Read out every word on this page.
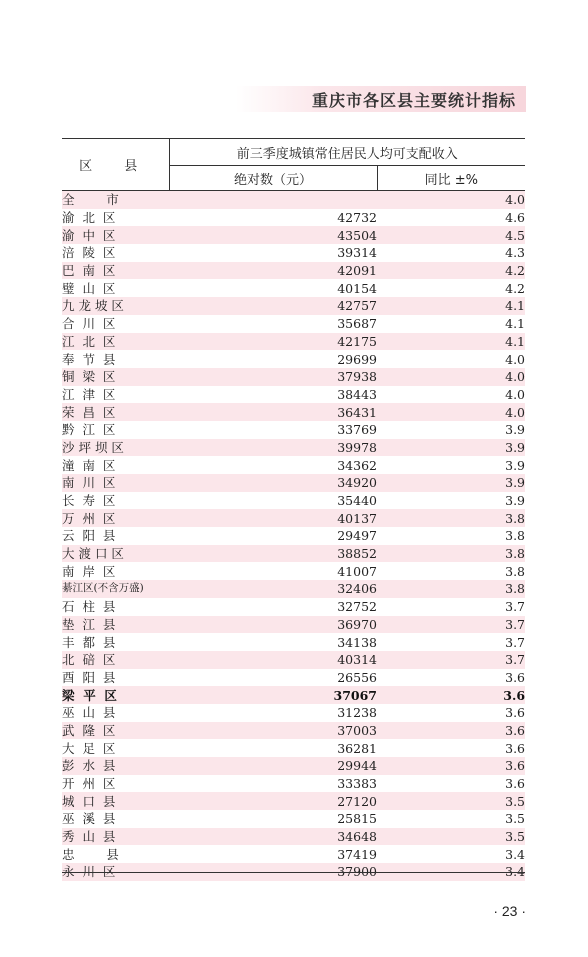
重庆市各区县主要统计指标
区 县	前三季度城镇常住居民人均可支配收入	
	绝对数（元）	同比 ±%
全        市		4.0
渝  北  区	42732	4.6
渝  中  区	43504	4.5
涪  陵  区	39314	4.3
巴  南  区	42091	4.2
璧  山  区	40154	4.2
九 龙 坡 区	42757	4.1
合  川  区	35687	4.1
江  北  区	42175	4.1
奉  节  县	29699	4.0
铜  梁  区	37938	4.0
江  津  区	38443	4.0
荣  昌  区	36431	4.0
黔  江  区	33769	3.9
沙 坪 坝 区	39978	3.9
潼  南  区	34362	3.9
南  川  区	34920	3.9
长  寿  区	35440	3.9
万  州  区	40137	3.8
云  阳  县	29497	3.8
大 渡 口 区	38852	3.8
南  岸  区	41007	3.8
綦江区(不含万盛)	32406	3.8
石  柱  县	32752	3.7
垫  江  县	36970	3.7
丰  都  县	34138	3.7
北  碚  区	40314	3.7
酉  阳  县	26556	3.6
梁  平  区	37067	3.6
巫  山  县	31238	3.6
武  隆  区	37003	3.6
大  足  区	36281	3.6
彭  水  县	29944	3.6
开  州  区	33383	3.6
城  口  县	27120	3.5
巫  溪  县	25815	3.5
秀  山  县	34648	3.5
忠        县	37419	3.4
永  川  区	37900	3.4
· 23 ·
